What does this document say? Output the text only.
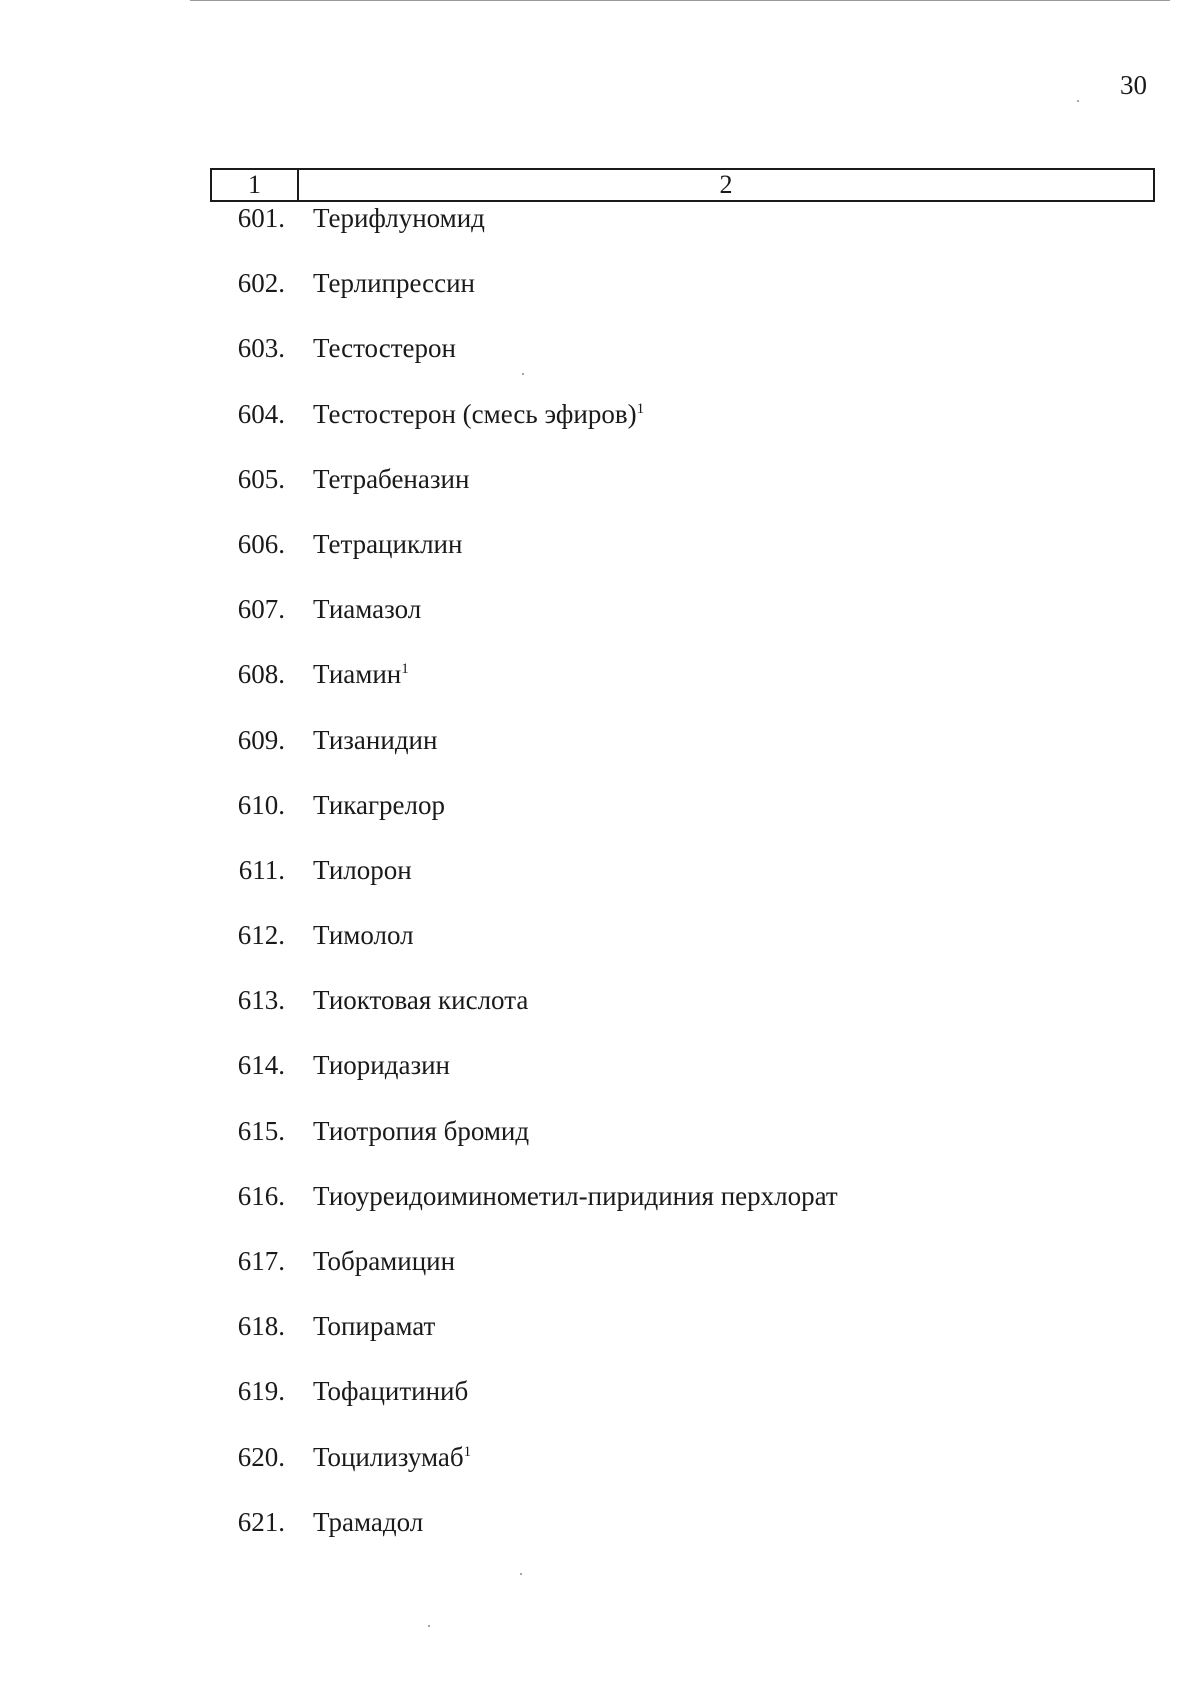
30
1	2
601.	Терифлуномид
602.	Терлипрессин
603.	Тестостерон
604.	Тестостерон (смесь эфиров)$^1$
605.	Тетрабеназин
606.	Тетрациклин
607.	Тиамазол
608.	Тиамин$^1$
609.	Тизанидин
610.	Тикагрелор
611.	Тилорон
612.	Тимолол
613.	Тиоктовая кислота
614.	Тиоридазин
615.	Тиотропия бромид
616.	Тиоуреидоиминометил-пиридиния перхлорат
617.	Тобрамицин
618.	Топирамат
619.	Тофацитиниб
620.	Тоцилизумаб$^1$
621.	Трамадол
